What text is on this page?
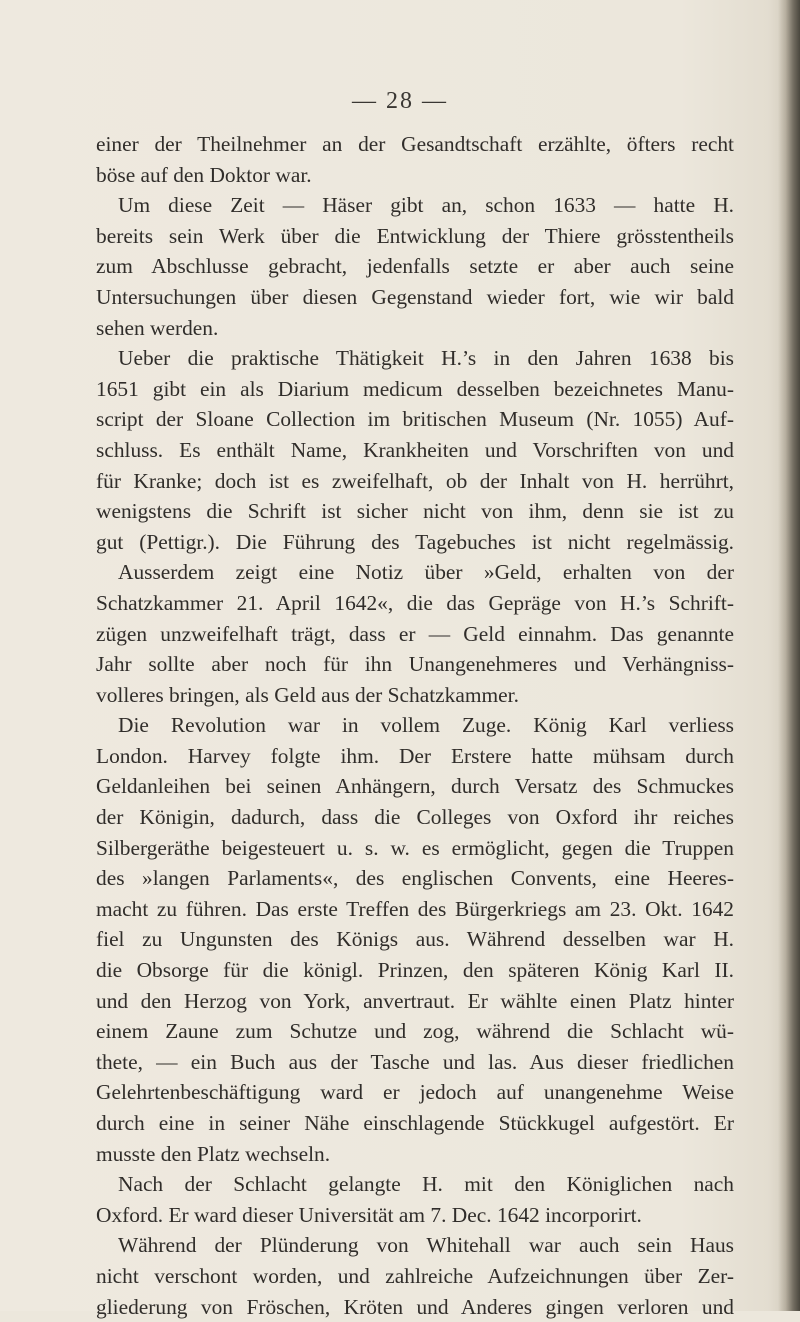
— 28 —
einer der Theilnehmer an der Gesandtschaft erzählte, öfters recht
böse auf den Doktor war.
Um diese Zeit — Häser gibt an, schon 1633 — hatte H.
bereits sein Werk über die Entwicklung der Thiere grösstentheils
zum Abschlusse gebracht, jedenfalls setzte er aber auch seine
Untersuchungen über diesen Gegenstand wieder fort, wie wir bald
sehen werden.
Ueber die praktische Thätigkeit H.’s in den Jahren 1638 bis
1651 gibt ein als Diarium medicum desselben bezeichnetes Manu-
script der Sloane Collection im britischen Museum (Nr. 1055) Auf-
schluss. Es enthält Name, Krankheiten und Vorschriften von und
für Kranke; doch ist es zweifelhaft, ob der Inhalt von H. herrührt,
wenigstens die Schrift ist sicher nicht von ihm, denn sie ist zu
gut (Pettigr.). Die Führung des Tagebuches ist nicht regelmässig.
Ausserdem zeigt eine Notiz über »Geld, erhalten von der
Schatzkammer 21. April 1642«, die das Gepräge von H.’s Schrift-
zügen unzweifelhaft trägt, dass er — Geld einnahm. Das genannte
Jahr sollte aber noch für ihn Unangenehmeres und Verhängniss-
volleres bringen, als Geld aus der Schatzkammer.
Die Revolution war in vollem Zuge. König Karl verliess
London. Harvey folgte ihm. Der Erstere hatte mühsam durch
Geldanleihen bei seinen Anhängern, durch Versatz des Schmuckes
der Königin, dadurch, dass die Colleges von Oxford ihr reiches
Silbergeräthe beigesteuert u. s. w. es ermöglicht, gegen die Truppen
des »langen Parlaments«, des englischen Convents, eine Heeres-
macht zu führen. Das erste Treffen des Bürgerkriegs am 23. Okt. 1642
fiel zu Ungunsten des Königs aus. Während desselben war H.
die Obsorge für die königl. Prinzen, den späteren König Karl II.
und den Herzog von York, anvertraut. Er wählte einen Platz hinter
einem Zaune zum Schutze und zog, während die Schlacht wü-
thete, — ein Buch aus der Tasche und las. Aus dieser friedlichen
Gelehrtenbeschäftigung ward er jedoch auf unangenehme Weise
durch eine in seiner Nähe einschlagende Stückkugel aufgestört. Er
musste den Platz wechseln.
Nach der Schlacht gelangte H. mit den Königlichen nach
Oxford. Er ward dieser Universität am 7. Dec. 1642 incorporirt.
Während der Plünderung von Whitehall war auch sein Haus
nicht verschont worden, und zahlreiche Aufzeichnungen über Zer-
gliederung von Fröschen, Kröten und Anderes gingen verloren und
